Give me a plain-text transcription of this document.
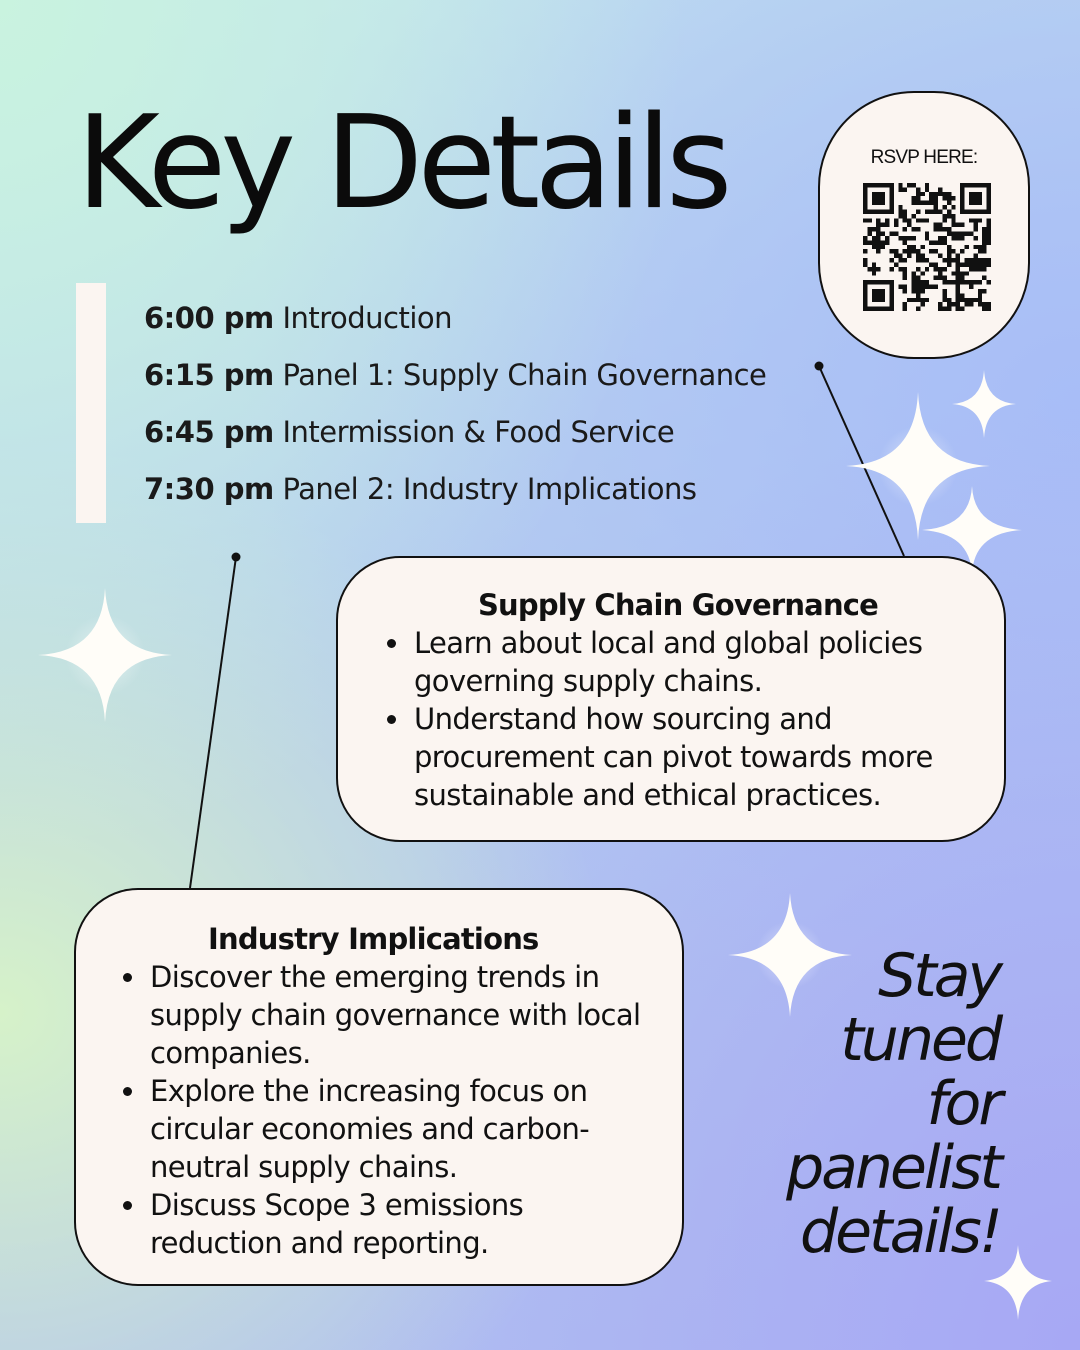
Key Details
6:00 pm Introduction
6:15 pm Panel 1: Supply Chain Governance
6:45 pm Intermission & Food Service
7:30 pm Panel 2: Industry Implications
RSVP HERE:
Supply Chain Governance
• Learn about local and global policies governing supply chains.
• Understand how sourcing and procurement can pivot towards more sustainable and ethical practices.
Industry Implications
• Discover the emerging trends in supply chain governance with local companies.
• Explore the increasing focus on circular economies and carbon-neutral supply chains.
• Discuss Scope 3 emissions reduction and reporting.
Stay
tuned
for
panelist
details!
